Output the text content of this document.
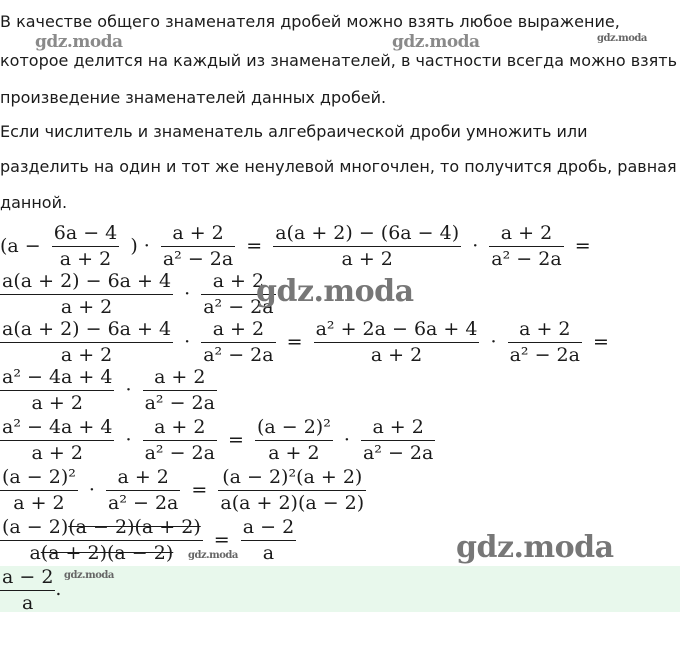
В качестве общего знаменателя дробей можно взять любое выражение,
которое делится на каждый из знаменателей, в частности всегда можно взять
произведение знаменателей данных дробей.
Если числитель и знаменатель алгебраической дроби умножить или
разделить на один и тот же ненулевой многочлен, то получится дробь, равная
данной.
($a - \frac{6a - 4}{a + 2}$ ) · $\frac{a + 2}{\text{a² − 2a}} = \frac{a(a + 2) - (6a - 4)}{a + 2} \cdot \frac{a + 2}{\text{a² − 2a}}$ =
$\frac{a(a + 2) - 6a + 4}{a + 2} \cdot \frac{a + 2}{\text{a² − 2a}}$
$\frac{a(a + 2) - 6a + 4}{a + 2} \cdot \frac{a + 2}{\text{a² − 2a}} = \frac{\text{a² + 2a − 6a + 4}}{a + 2} \cdot \frac{a + 2}{\text{a² − 2a}}$ =
$\frac{\text{a² − 4a + 4}}{a + 2} \cdot \frac{a + 2}{\text{a² − 2a}}$
$\frac{\text{a² − 4a + 4}}{a + 2} \cdot \frac{a + 2}{\text{a² − 2a}} = \frac{\text{(a − 2)²}}{a + 2} \cdot \frac{a + 2}{\text{a² − 2a}}$
$\frac{\text{(a − 2)²}}{a + 2} \cdot \frac{a + 2}{\text{a² − 2a}} = \frac{\text{(a − 2)²(a + 2)}}{a(a + 2)(a - 2)}$
$\frac{(a - 2)(a - 2)(a + 2)}{a(a + 2)(a - 2)} = \frac{a - 2}{a}$
$\frac{a - 2}{a}$ .
gdz.moda	gdz.moda	gdz.moda
gdz.moda
gdz.moda	gdz.moda
gdz.moda
